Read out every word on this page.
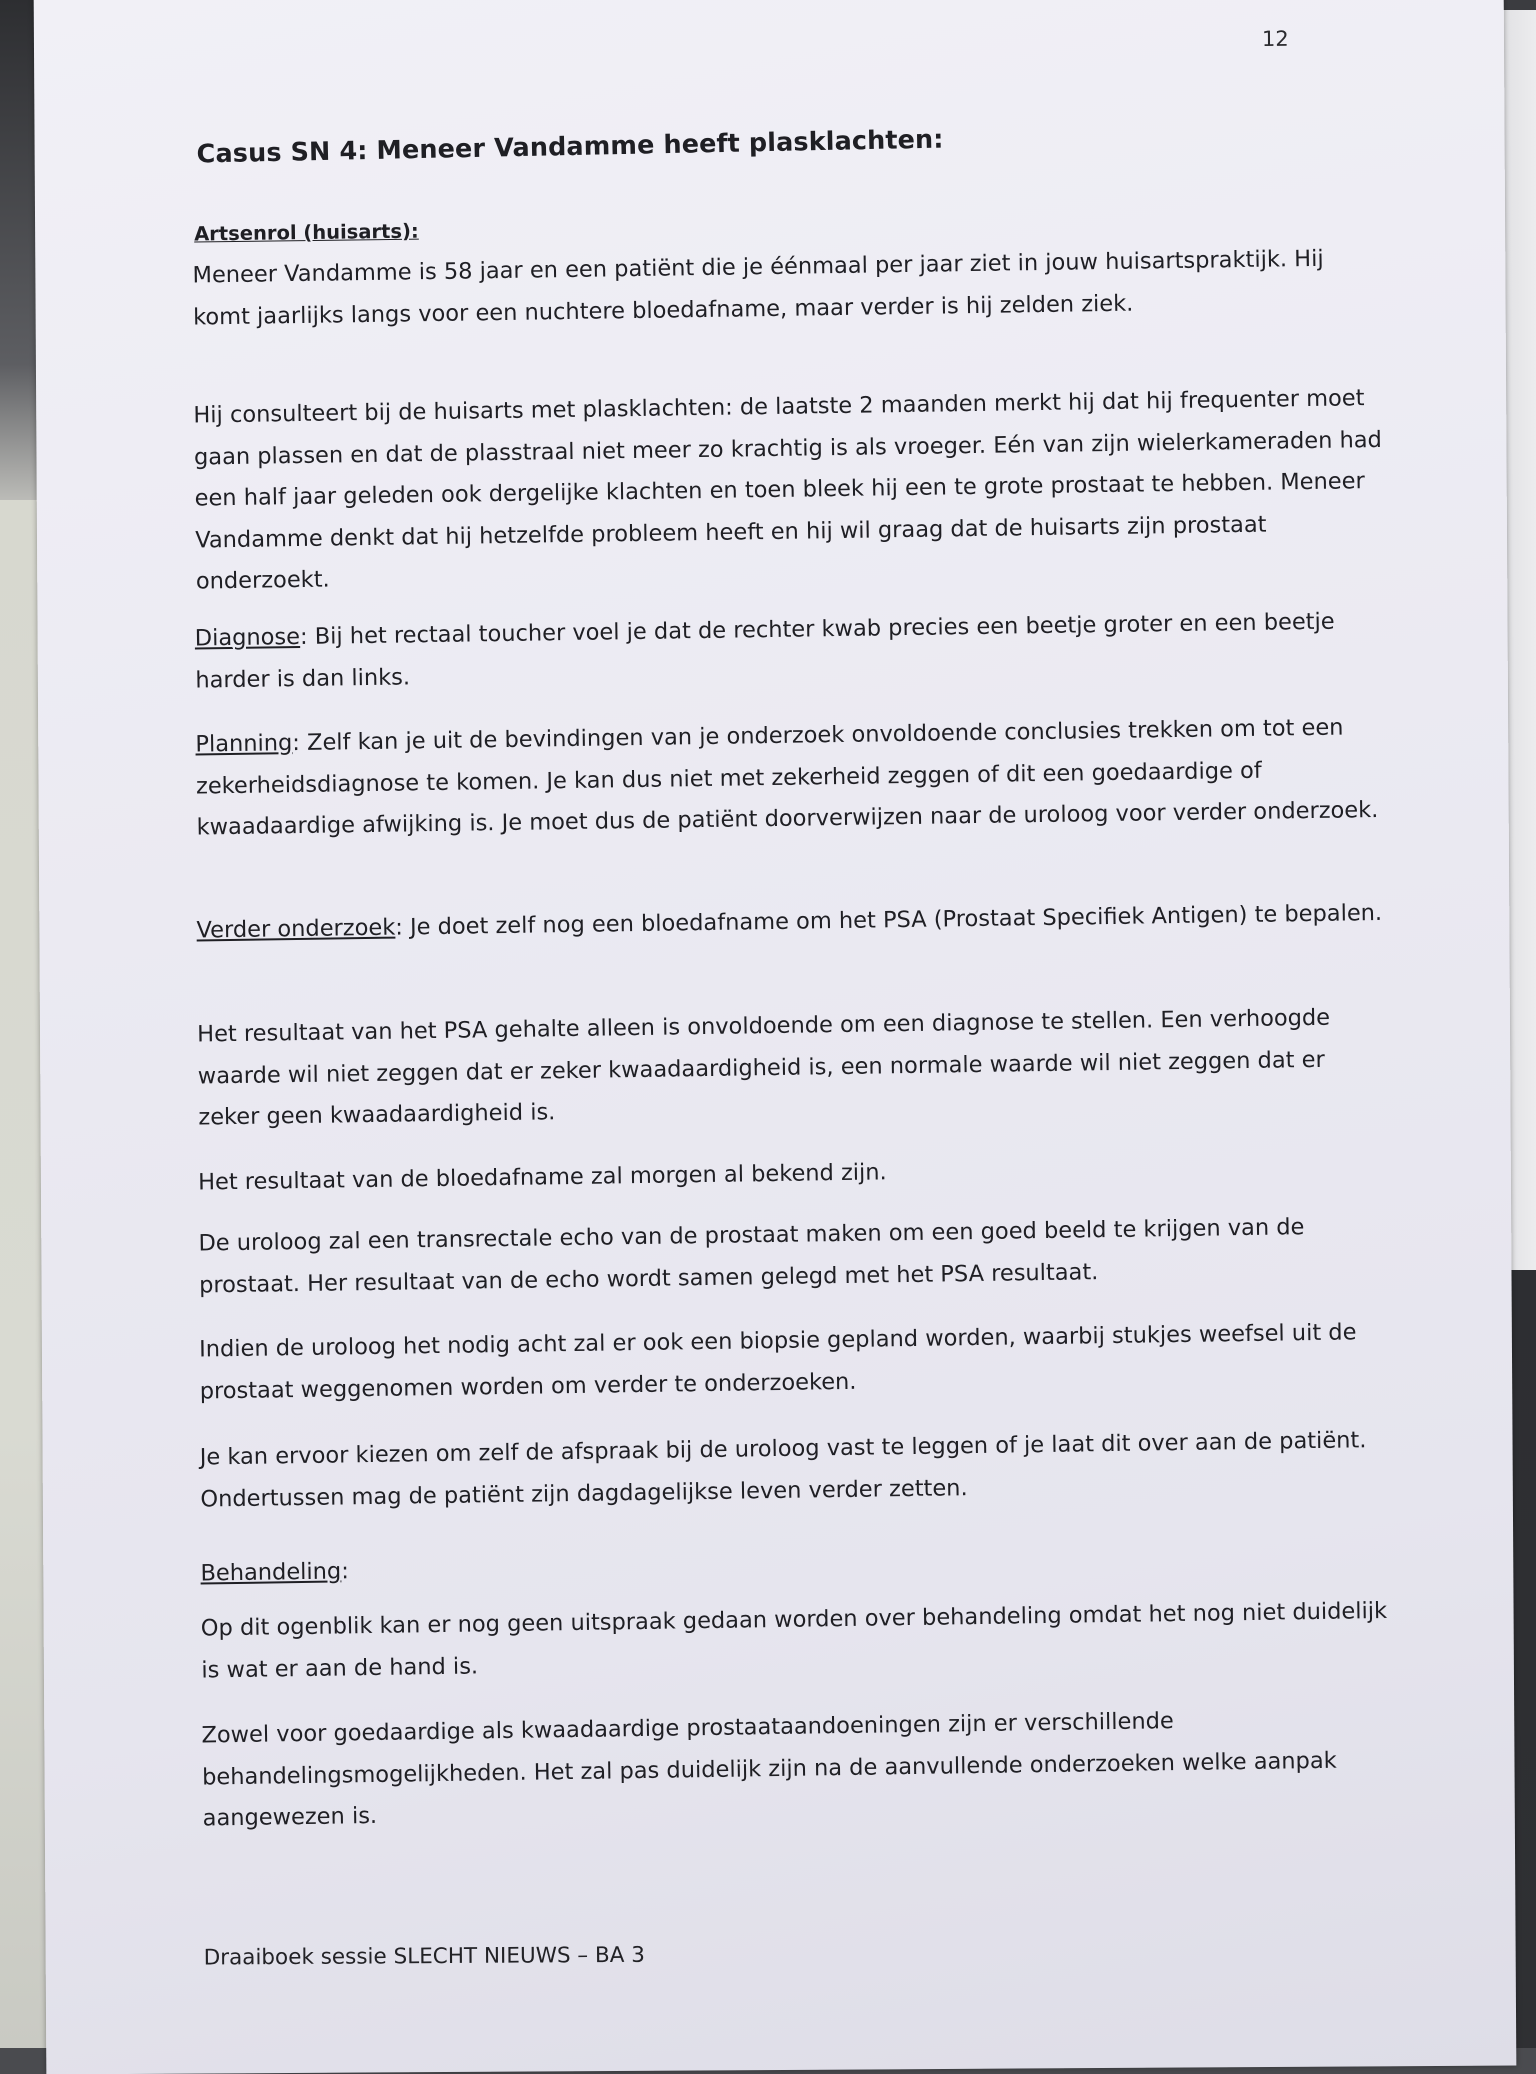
12
Casus SN 4: Meneer Vandamme heeft plasklachten:
Artsenrol (huisarts):
Meneer Vandamme is 58 jaar en een patiënt die je éénmaal per jaar ziet in jouw huisartspraktijk. Hij komt jaarlijks langs voor een nuchtere bloedafname, maar verder is hij zelden ziek.
Hij consulteert bij de huisarts met plasklachten: de laatste 2 maanden merkt hij dat hij frequenter moet gaan plassen en dat de plasstraal niet meer zo krachtig is als vroeger. Eén van zijn wielerkameraden had een half jaar geleden ook dergelijke klachten en toen bleek hij een te grote prostaat te hebben. Meneer Vandamme denkt dat hij hetzelfde probleem heeft en hij wil graag dat de huisarts zijn prostaat onderzoekt.
Diagnose: Bij het rectaal toucher voel je dat de rechter kwab precies een beetje groter en een beetje harder is dan links.
Planning: Zelf kan je uit de bevindingen van je onderzoek onvoldoende conclusies trekken om tot een zekerheidsdiagnose te komen. Je kan dus niet met zekerheid zeggen of dit een goedaardige of kwaadaardige afwijking is. Je moet dus de patiënt doorverwijzen naar de uroloog voor verder onderzoek.
Verder onderzoek: Je doet zelf nog een bloedafname om het PSA (Prostaat Specifiek Antigen) te bepalen.
Het resultaat van het PSA gehalte alleen is onvoldoende om een diagnose te stellen. Een verhoogde waarde wil niet zeggen dat er zeker kwaadaardigheid is, een normale waarde wil niet zeggen dat er zeker geen kwaadaardigheid is.
Het resultaat van de bloedafname zal morgen al bekend zijn.
De uroloog zal een transrectale echo van de prostaat maken om een goed beeld te krijgen van de prostaat. Her resultaat van de echo wordt samen gelegd met het PSA resultaat.
Indien de uroloog het nodig acht zal er ook een biopsie gepland worden, waarbij stukjes weefsel uit de prostaat weggenomen worden om verder te onderzoeken.
Je kan ervoor kiezen om zelf de afspraak bij de uroloog vast te leggen of je laat dit over aan de patiënt. Ondertussen mag de patiënt zijn dagdagelijkse leven verder zetten.
Behandeling:
Op dit ogenblik kan er nog geen uitspraak gedaan worden over behandeling omdat het nog niet duidelijk is wat er aan de hand is.
Zowel voor goedaardige als kwaadaardige prostaataandoeningen zijn er verschillende behandelingsmogelijkheden. Het zal pas duidelijk zijn na de aanvullende onderzoeken welke aanpak aangewezen is.
Draaiboek sessie SLECHT NIEUWS – BA 3
